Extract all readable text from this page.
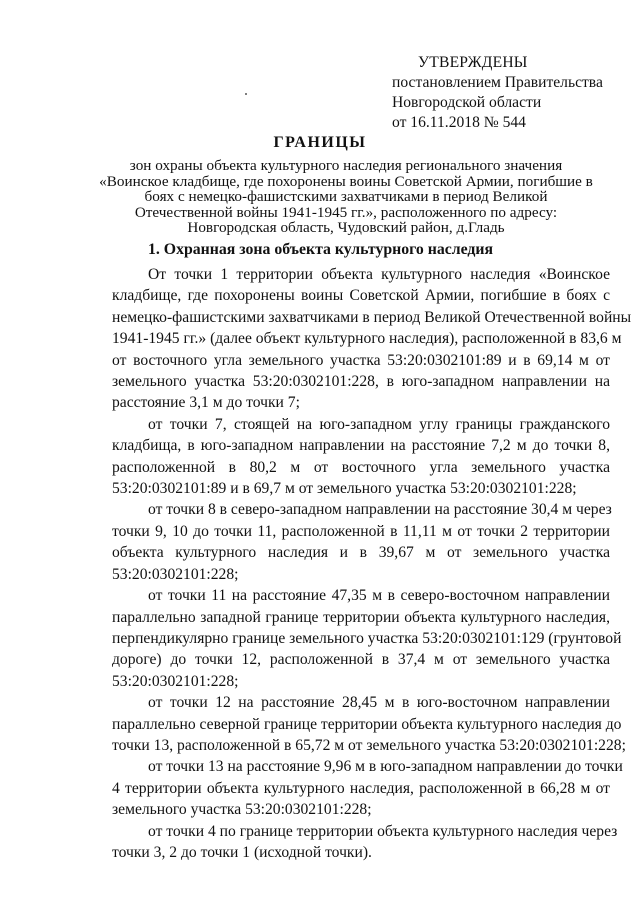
УТВЕРЖДЕНЫ
постановлением Правительства
Новгородской области
от 16.11.2018 № 544
ГРАНИЦЫ
зон охраны объекта культурного наследия регионального значения
«Воинское кладбище, где похоронены воины Советской Армии, погибшие в
боях с немецко-фашистскими захватчиками в период Великой
Отечественной войны 1941-1945 гг.», расположенного по адресу:
Новгородская область, Чудовский район, д.Гладь
1. Охранная зона объекта культурного наследия
От точки 1 территории объекта культурного наследия «Воинское
кладбище, где похоронены воины Советской Армии, погибшие в боях с
немецко-фашистскими захватчиками в период Великой Отечественной войны
1941-1945 гг.» (далее объект культурного наследия), расположенной в 83,6 м
от восточного угла земельного участка 53:20:0302101:89 и в 69,14 м от
земельного участка 53:20:0302101:228, в юго-западном направлении на
расстояние 3,1 м до точки 7;
от точки 7, стоящей на юго-западном углу границы гражданского
кладбища, в юго-западном направлении на расстояние 7,2 м до точки 8,
расположенной в 80,2 м от восточного угла земельного участка
53:20:0302101:89 и в 69,7 м от земельного участка 53:20:0302101:228;
от точки 8 в северо-западном направлении на расстояние 30,4 м через
точки 9, 10 до точки 11, расположенной в 11,11 м от точки 2 территории
объекта культурного наследия и в 39,67 м от земельного участка
53:20:0302101:228;
от точки 11 на расстояние 47,35 м в северо-восточном направлении
параллельно западной границе территории объекта культурного наследия,
перпендикулярно границе земельного участка 53:20:0302101:129 (грунтовой
дороге) до точки 12, расположенной в 37,4 м от земельного участка
53:20:0302101:228;
от точки 12 на расстояние 28,45 м в юго-восточном направлении
параллельно северной границе территории объекта культурного наследия до
точки 13, расположенной в 65,72 м от земельного участка 53:20:0302101:228;
от точки 13 на расстояние 9,96 м в юго-западном направлении до точки
4 территории объекта культурного наследия, расположенной в 66,28 м от
земельного участка 53:20:0302101:228;
от точки 4 по границе территории объекта культурного наследия через
точки 3, 2 до точки 1 (исходной точки).
